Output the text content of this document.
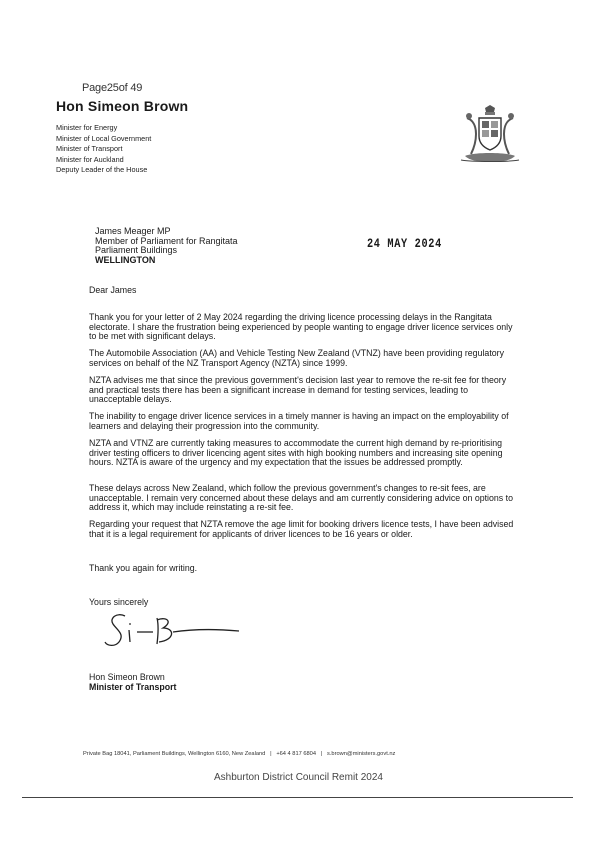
Page25of 49
Hon Simeon Brown
Minister for Energy
Minister of Local Government
Minister of Transport
Minister for Auckland
Deputy Leader of the House
James Meager MP
Member of Parliament for Rangitata
Parliament Buildings
WELLINGTON
24 MAY 2024
Dear James
Thank you for your letter of 2 May 2024 regarding the driving licence processing delays in the Rangitata electorate. I share the frustration being experienced by people wanting to engage driver licence services only to be met with significant delays.
The Automobile Association (AA) and Vehicle Testing New Zealand (VTNZ) have been providing regulatory services on behalf of the NZ Transport Agency (NZTA) since 1999.
NZTA advises me that since the previous government's decision last year to remove the re-sit fee for theory and practical tests there has been a significant increase in demand for testing services, leading to unacceptable delays.
The inability to engage driver licence services in a timely manner is having an impact on the employability of learners and delaying their progression into the community.
NZTA and VTNZ are currently taking measures to accommodate the current high demand by re-prioritising driver testing officers to driver licencing agent sites with high booking numbers and increasing site opening hours. NZTA is aware of the urgency and my expectation that the issues be addressed promptly.
These delays across New Zealand, which follow the previous government's changes to re-sit fees, are unacceptable. I remain very concerned about these delays and am currently considering advice on options to address it, which may include reinstating a re-sit fee.
Regarding your request that NZTA remove the age limit for booking drivers licence tests, I have been advised that it is a legal requirement for applicants of driver licences to be 16 years or older.
Thank you again for writing.
Yours sincerely
Hon Simeon Brown
Minister of Transport
Private Bag 18041, Parliament Buildings, Wellington 6160, New Zealand | +64 4 817 6804 | s.brown@ministers.govt.nz
Ashburton District Council Remit 2024
